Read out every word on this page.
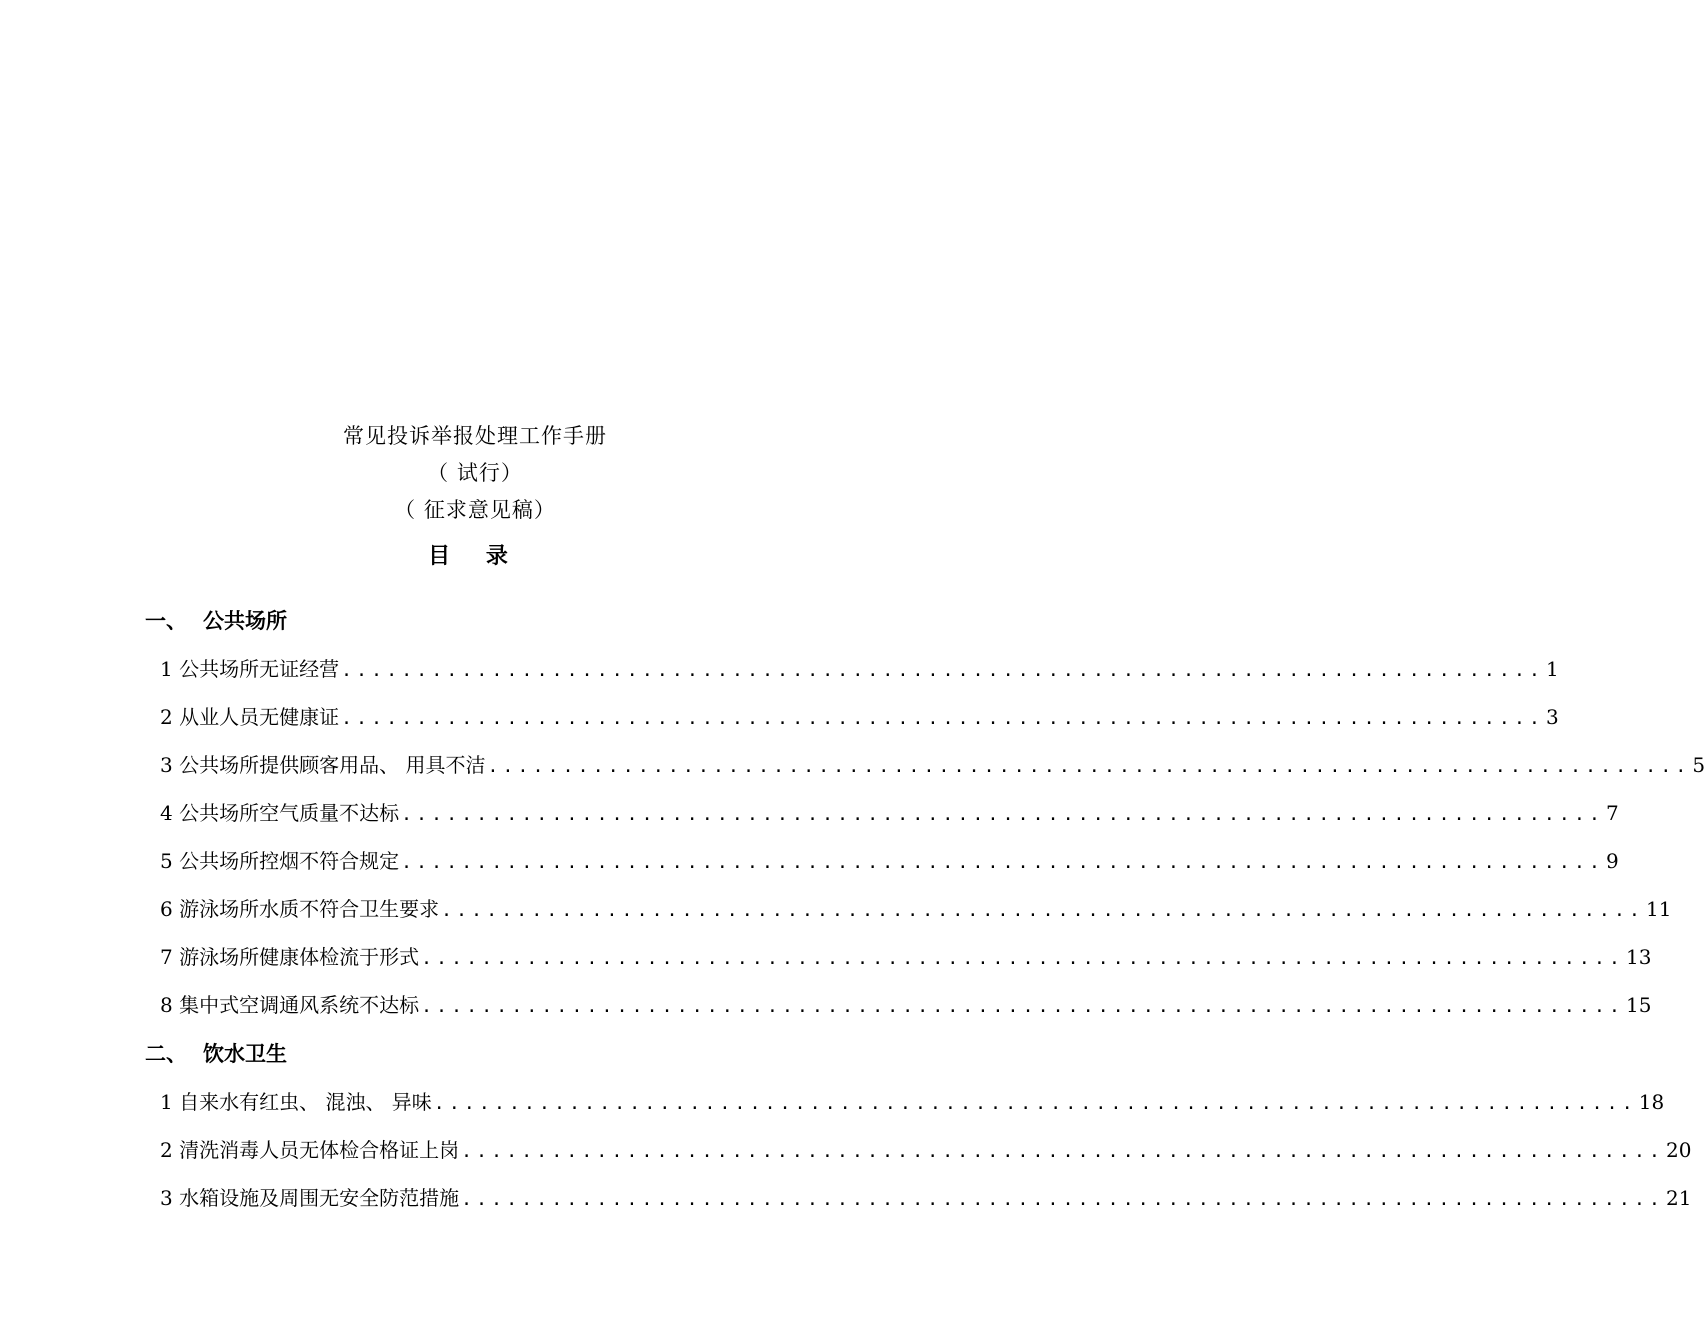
常见投诉举报处理工作手册
（ 试行）
（ 征求意见稿）
目 录
一、 公共场所
1 公共场所无证经营 ................................................................................ 1
2 从业人员无健康证 ................................................................................ 3
3 公共场所提供顾客用品、 用具不洁 ................................................................................ 5
4 公共场所空气质量不达标 ................................................................................ 7
5 公共场所控烟不符合规定 ................................................................................ 9
6 游泳场所水质不符合卫生要求 ................................................................................ 11
7 游泳场所健康体检流于形式 ................................................................................ 13
8 集中式空调通风系统不达标 ................................................................................ 15
二、 饮水卫生
1 自来水有红虫、 混浊、 异味 ................................................................................ 18
2 清洗消毒人员无体检合格证上岗 ................................................................................ 20
3 水箱设施及周围无安全防范措施 ................................................................................ 21
